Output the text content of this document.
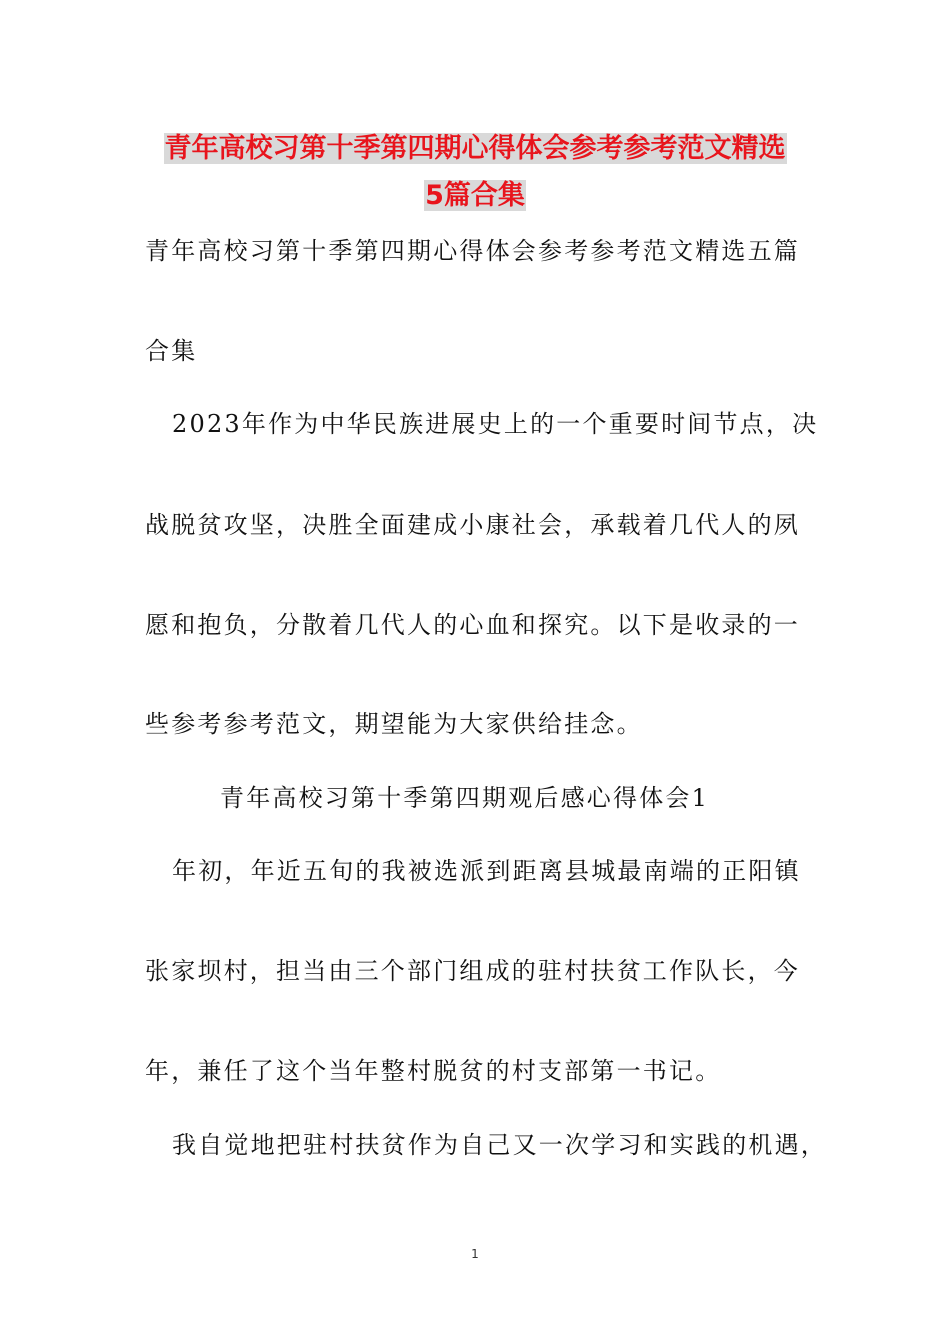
青年高校习第十季第四期心得体会参考参考范文精选
5篇合集
青年高校习第十季第四期心得体会参考参考范文精选五篇
合集
2023年作为中华民族进展史上的一个重要时间节点，决
战脱贫攻坚，决胜全面建成小康社会，承载着几代人的夙
愿和抱负，分散着几代人的心血和探究。以下是收录的一
些参考参考范文，期望能为大家供给挂念。
青年高校习第十季第四期观后感心得体会1
年初，年近五旬的我被选派到距离县城最南端的正阳镇
张家坝村，担当由三个部门组成的驻村扶贫工作队长，今
年，兼任了这个当年整村脱贫的村支部第一书记。
我自觉地把驻村扶贫作为自己又一次学习和实践的机遇，
1
